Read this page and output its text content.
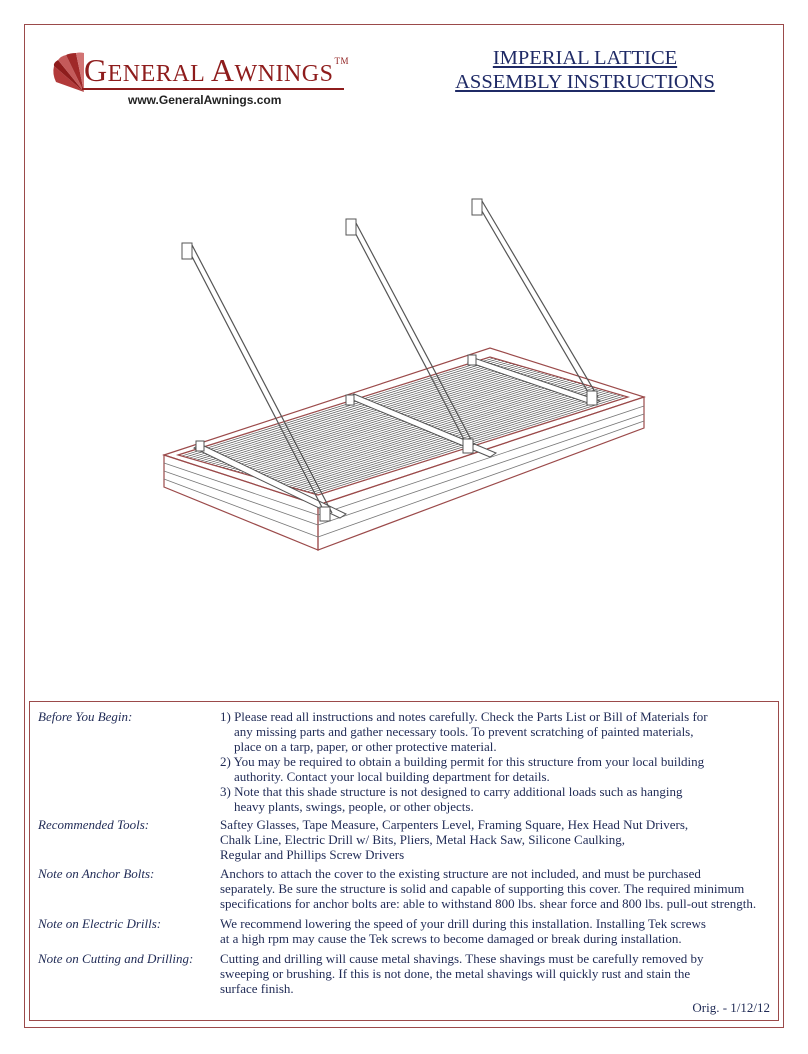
GENERAL AWNINGS™
www.GeneralAwnings.com
IMPERIAL LATTICE
ASSEMBLY INSTRUCTIONS
Before You Begin:	1) Please read all instructions and notes carefully. Check the Parts List or Bill of Materials for
any missing parts and gather necessary tools. To prevent scratching of painted materials,
place on a tarp, paper, or other protective material.
2) You may be required to obtain a building permit for this structure from your local building
authority. Contact your local building department for details.
3) Note that this shade structure is not designed to carry additional loads such as hanging
heavy plants, swings, people, or other objects.
Recommended Tools:	Saftey Glasses, Tape Measure, Carpenters Level, Framing Square, Hex Head Nut Drivers,
Chalk Line, Electric Drill w/ Bits, Pliers, Metal Hack Saw, Silicone Caulking,
Regular and Phillips Screw Drivers
Note on Anchor Bolts:	Anchors to attach the cover to the existing structure are not included, and must be purchased
separately. Be sure the structure is solid and capable of supporting this cover. The required minimum
specifications for anchor bolts are: able to withstand 800 lbs. shear force and 800 lbs. pull-out strength.
Note on Electric Drills:	We recommend lowering the speed of your drill during this installation. Installing Tek screws
at a high rpm may cause the Tek screws to become damaged or break during installation.
Note on Cutting and Drilling:	Cutting and drilling will cause metal shavings. These shavings must be carefully removed by
sweeping or brushing. If this is not done, the metal shavings will quickly rust and stain the
surface finish.
Orig. - 1/12/12
